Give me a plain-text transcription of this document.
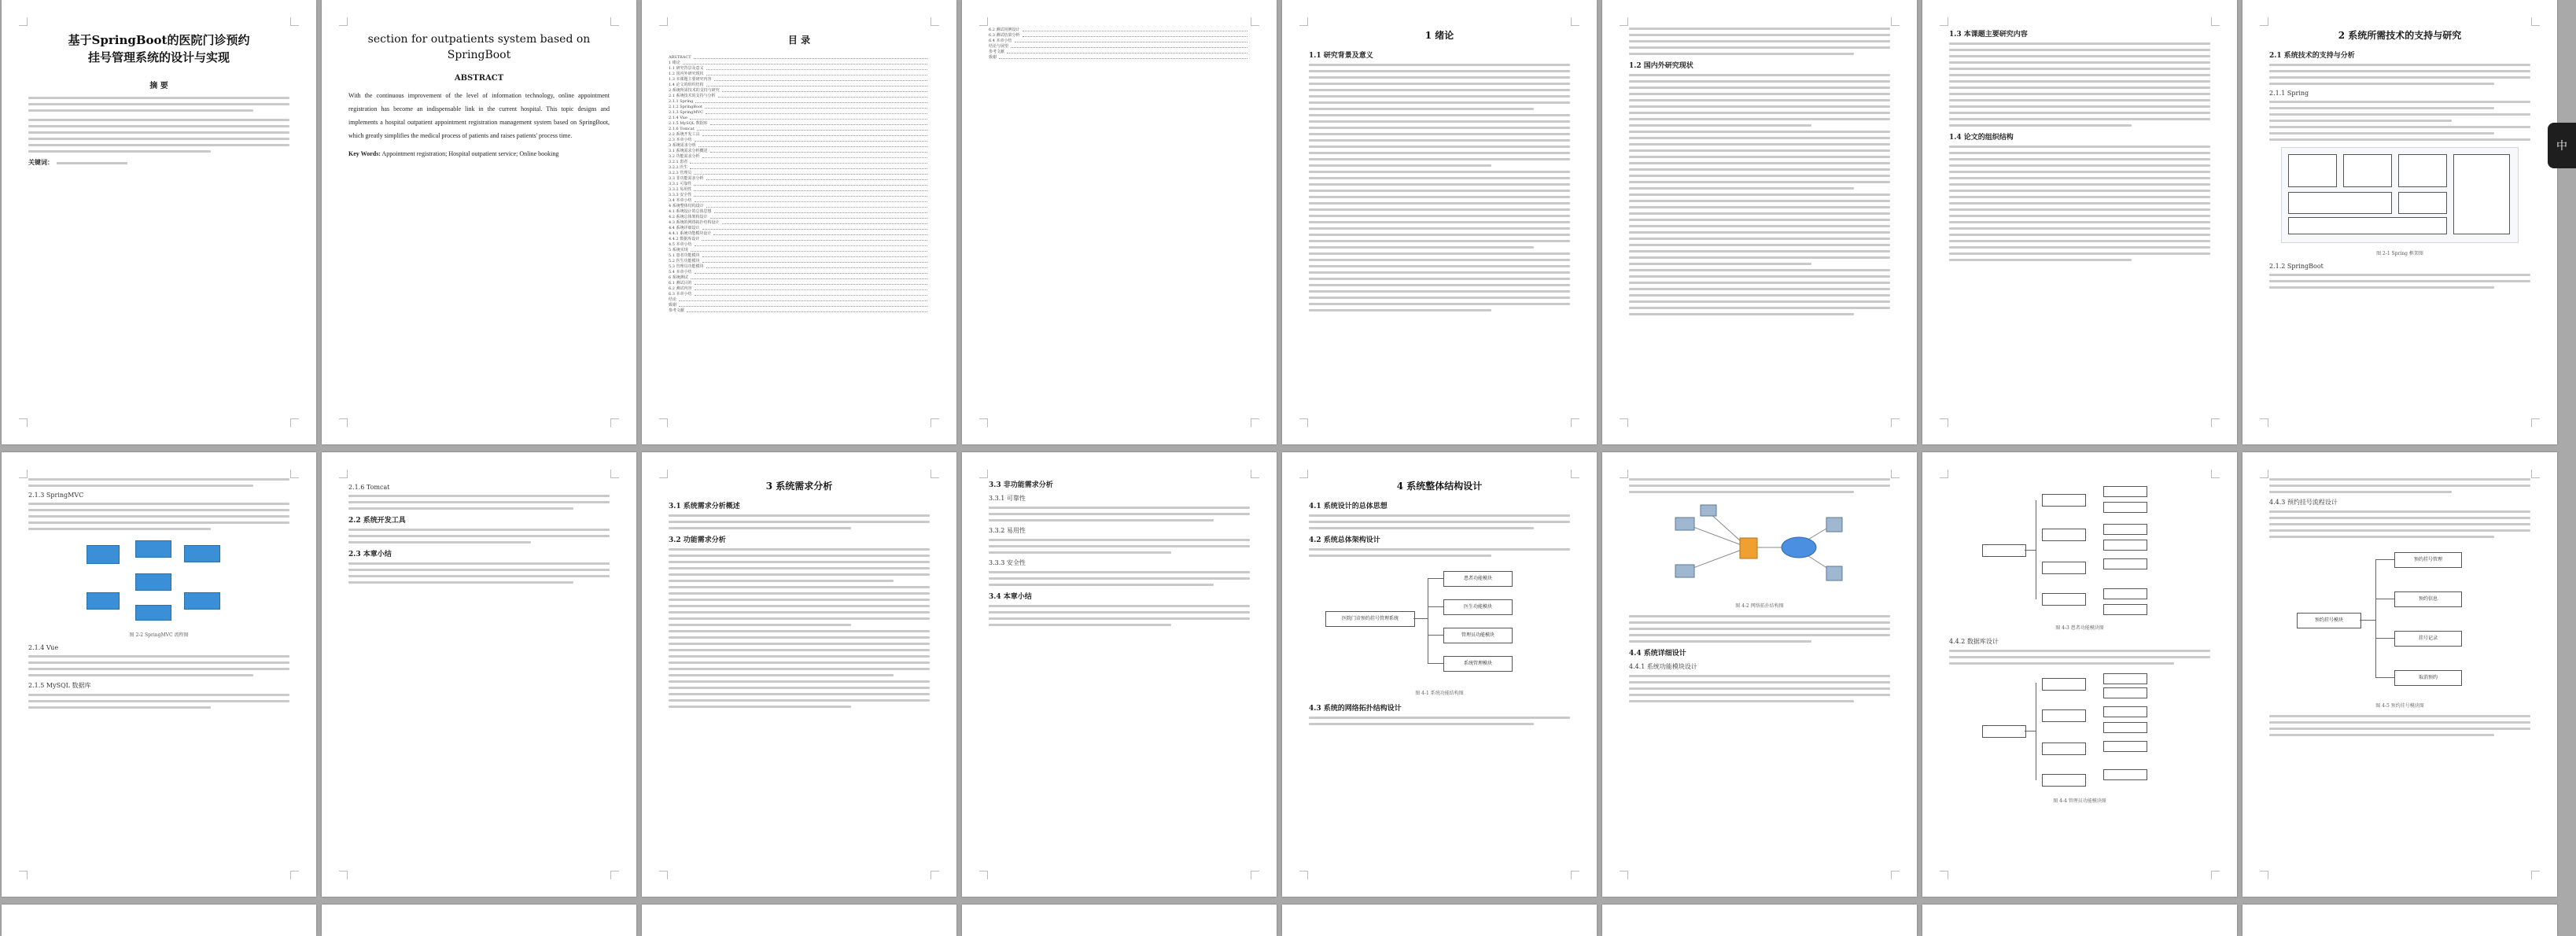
基于SpringBoot的医院门诊预约
挂号管理系统的设计与实现
摘 要
关键词：
section for outpatients system based on SpringBoot
ABSTRACT
With the continuous improvement of the level of information technology, online appointment registration has become an indispensable link in the current hospital. This topic designs and implements a hospital outpatient appointment registration management system based on SpringBoot, which greatly simplifies the medical process of patients and raises patients' process time.
Key Words: Appointment registration; Hospital outpatient service; Online booking
目 录
ABSTRACT
1 绪论
1.1 研究背景及意义
1.2 国内外研究现状
1.3 本课题主要研究内容
1.4 论文的组织结构
2 系统所需技术的支持与研究
2.1 系统技术的支持与分析
2.1.1 Spring
2.1.2 SpringBoot
2.1.3 SpringMVC
2.1.4 Vue
2.1.5 MySQL 数据库
2.1.6 Tomcat
2.2 系统开发工具
2.3 本章小结
3 系统需求分析
3.1 系统需求分析概述
3.2 功能需求分析
3.2.1 患者
3.2.2 医生
3.2.3 管理员
3.3 非功能需求分析
3.3.1 可靠性
3.3.2 易用性
3.3.3 安全性
3.4 本章小结
4 系统整体结构设计
4.1 系统设计的总体思想
4.2 系统总体架构设计
4.3 系统的网络拓扑结构设计
4.4 系统详细设计
4.4.1 系统功能模块设计
4.4.2 数据库设计
4.5 本章小结
5 系统实现
5.1 患者功能模块
5.2 医生功能模块
5.3 管理员功能模块
5.4 本章小结
6 系统测试
6.1 测试目的
6.2 测试内容
6.3 本章小结
结论
致谢
参考文献
6.2 测试用例设计
6.3 测试结果分析
6.4 本章小结
结论与展望
参考文献
致谢
1 绪论
1.1 研究背景及意义
1.2 国内外研究现状
1.3 本课题主要研究内容
1.4 论文的组织结构
2 系统所需技术的支持与研究
2.1 系统技术的支持与分析
2.1.1 Spring
图 2-1 Spring 框架图
2.1.2 SpringBoot
2.1.3 SpringMVC
图 2-2 SpringMVC 流程图
2.1.4 Vue
2.1.5 MySQL 数据库
2.1.6 Tomcat
2.2 系统开发工具
2.3 本章小结
3 系统需求分析
3.1 系统需求分析概述
3.2 功能需求分析
3.3 非功能需求分析
3.3.1 可靠性
3.3.2 易用性
3.3.3 安全性
3.4 本章小结
4 系统整体结构设计
4.1 系统设计的总体思想
4.2 系统总体架构设计
医院门诊预约挂号管理系统
患者功能模块
医生功能模块
管理员功能模块
系统管理模块
图 4-1 系统功能结构图
4.3 系统的网络拓扑结构设计
图 4-2 网络拓扑结构图
4.4 系统详细设计
4.4.1 系统功能模块设计
图 4-3 患者功能模块图
4.4.2 数据库设计
图 4-4 管理员功能模块图
4.4.3 预约挂号流程设计
预约挂号模块
预约挂号管理
预约信息
挂号记录
取消预约
图 4-5 预约挂号模块图
中
